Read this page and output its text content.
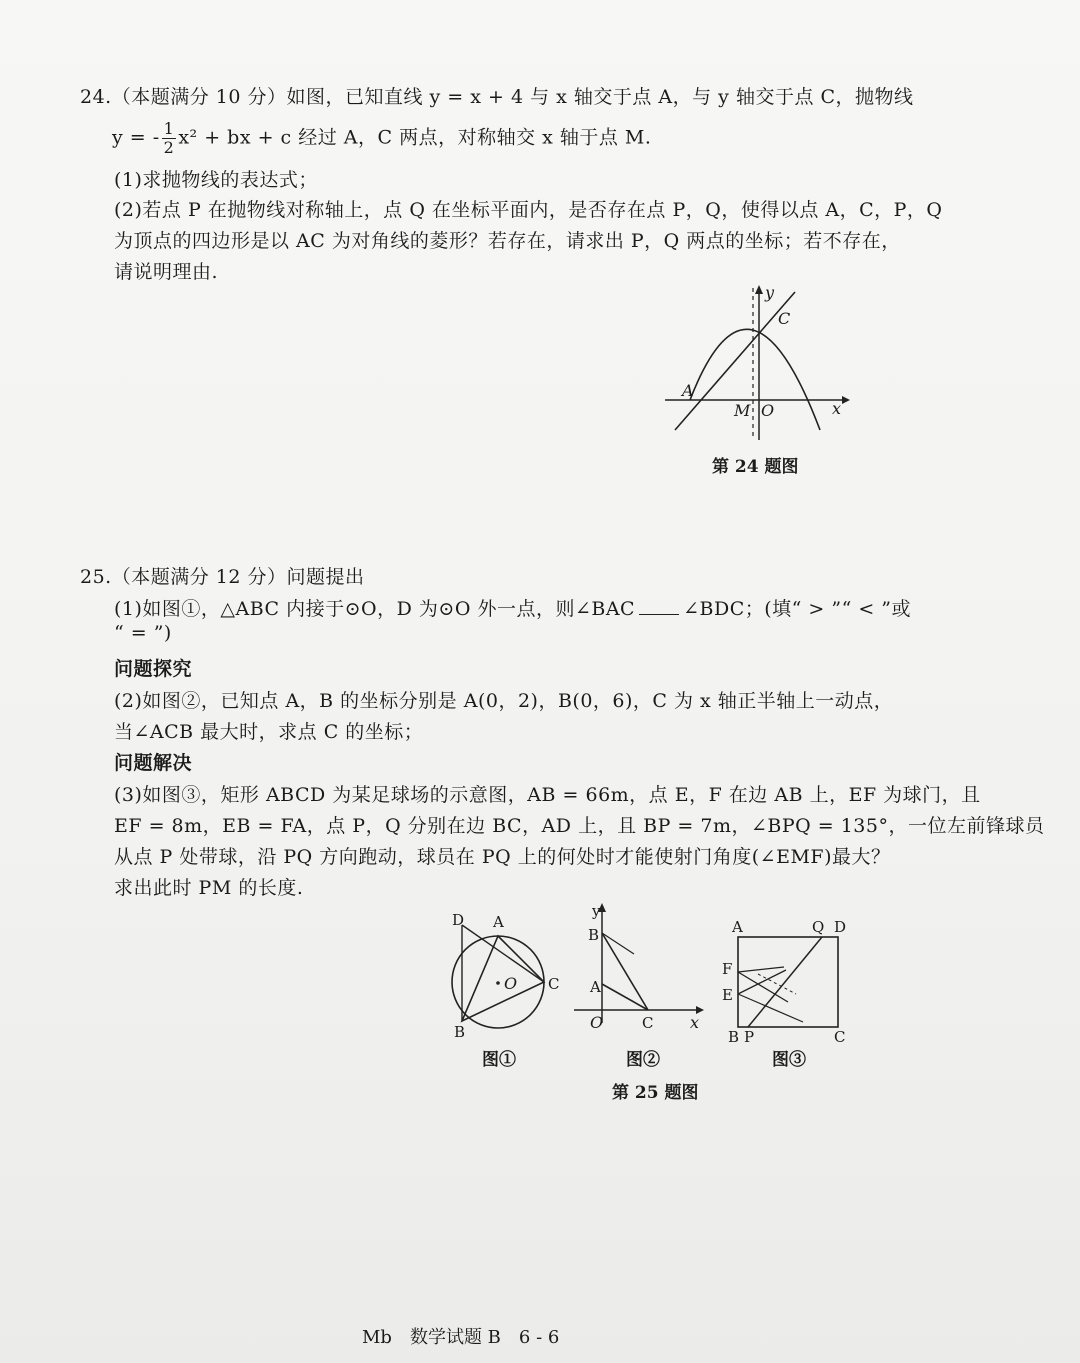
24.（本题满分 10 分）如图，已知直线 y = x + 4 与 x 轴交于点 A，与 y 轴交于点 C，抛物线
y = - $\frac{1}{2} x^2$ + bx + c 经过 A，C 两点，对称轴交 x 轴于点 M.
(1)求抛物线的表达式；
(2)若点 P 在抛物线对称轴上，点 Q 在坐标平面内，是否存在点 P，Q，使得以点 A，C，P，Q
为顶点的四边形是以 AC 为对角线的菱形？若存在，请求出 P，Q 两点的坐标；若不存在，
请说明理由.
A
C
M O
y
x
第 24 题图
25.（本题满分 12 分）问题提出
(1)如图①，△ABC 内接于⊙O，D 为⊙O 外一点，则∠BAC	∠BDC；(填“ > ”“ < ”或
“ = ”)
问题探究
(2)如图②，已知点 A，B 的坐标分别是 A(0，2)，B(0，6)，C 为 x 轴正半轴上一动点，
当∠ACB 最大时，求点 C 的坐标；
问题解决
(3)如图③，矩形 ABCD 为某足球场的示意图，AB = 66m，点 E，F 在边 AB 上，EF 为球门，且
EF = 8m，EB = FA，点 P，Q 分别在边 BC，AD 上，且 BP = 7m，∠BPQ = 135°，一位左前锋球员
从点 P 处带球，沿 PQ 方向跑动，球员在 PQ 上的何处时才能使射门角度(∠EMF)最大？
求出此时 PM 的长度.
D A
O C
B
图①
y
B
A
O	C x
图②
A	Q D
F
E
B P	C
图③
第 25 题图
Mb　数学试题 B　6 - 6
